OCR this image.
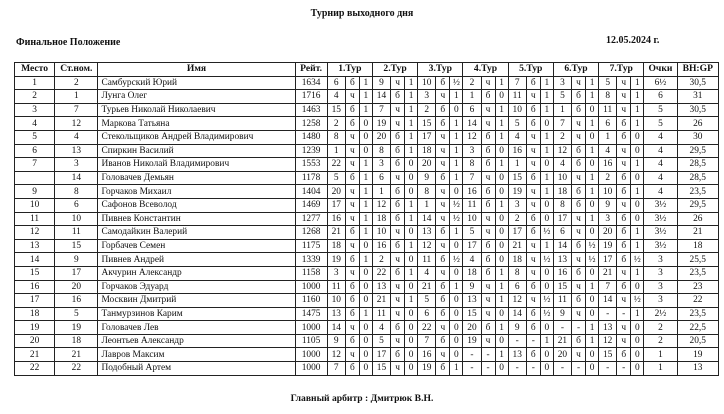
Турнир выходного дня
Финальное Положение	12.05.2024 г.
Место	Ст.ном.	Имя	Рейт.	1.Тур			2.Тур			3.Тур			4.Тур			5.Тур			6.Тур			7.Тур			Очки	BH:GP
1	2	Самбурский Юрий	1634	6	б	1	9	ч	1	10	б	½	2	ч	1	7	б	1	3	ч	1	5	ч	1	6½	30,5
2	1	Лунга Олег	1716	4	ч	1	14	б	1	3	ч	1	1	б	0	11	ч	1	5	б	1	8	ч	1	6	31
3	7	Турьев Николай Николаевич	1463	15	б	1	7	ч	1	2	б	0	6	ч	1	10	б	1	1	б	0	11	ч	1	5	30,5
4	12	Маркова Татьяна	1258	2	б	0	19	ч	1	15	б	1	14	ч	1	5	б	0	7	ч	1	6	б	1	5	26
5	4	Стекольщиков Андрей Владимирович	1480	8	ч	0	20	б	1	17	ч	1	12	б	1	4	ч	1	2	ч	0	1	б	0	4	30
6	13	Спиркин Василий	1239	1	ч	0	8	б	1	18	ч	1	3	б	0	16	ч	1	12	б	1	4	ч	0	4	29,5
7	3	Иванов Николай Владимирович	1553	22	ч	1	3	б	0	20	ч	1	8	б	1	1	ч	0	4	б	0	16	ч	1	4	28,5
	14	Головачев Демьян	1178	5	б	1	6	ч	0	9	б	1	7	ч	0	15	б	1	10	ч	1	2	б	0	4	28,5
9	8	Горчаков Михаил	1404	20	ч	1	1	б	0	8	ч	0	16	б	0	19	ч	1	18	б	1	10	б	1	4	23,5
10	6	Сафонов Всеволод	1469	17	ч	1	12	б	1	1	ч	½	11	б	1	3	ч	0	8	б	0	9	ч	0	3½	29,5
11	10	Пивнев Константин	1277	16	ч	1	18	б	1	14	ч	½	10	ч	0	2	б	0	17	ч	1	3	б	0	3½	26
12	11	Самодайкин Валерий	1268	21	б	1	10	ч	0	13	б	1	5	ч	0	17	б	½	6	ч	0	20	б	1	3½	21
13	15	Горбачев Семен	1175	18	ч	0	16	б	1	12	ч	0	17	б	0	21	ч	1	14	б	½	19	б	1	3½	18
14	9	Пивнев Андрей	1339	19	б	1	2	ч	0	11	б	½	4	б	0	18	ч	½	13	ч	½	17	б	½	3	25,5
15	17	Акчурин Александр	1158	3	ч	0	22	б	1	4	ч	0	18	б	1	8	ч	0	16	б	0	21	ч	1	3	23,5
16	20	Горчаков Эдуард	1000	11	б	0	13	ч	0	21	б	1	9	ч	1	6	б	0	15	ч	1	7	б	0	3	23
17	16	Москвин Дмитрий	1160	10	б	0	21	ч	1	5	б	0	13	ч	1	12	ч	½	11	б	0	14	ч	½	3	22
18	5	Танмурзинов Карим	1475	13	б	1	11	ч	0	6	б	0	15	ч	0	14	б	½	9	ч	0	-	-	1	2½	23,5
19	19	Головачев Лев	1000	14	ч	0	4	б	0	22	ч	0	20	б	1	9	б	0	-	-	1	13	ч	0	2	22,5
20	18	Леонтьев Александр	1105	9	б	0	5	ч	0	7	б	0	19	ч	0	-	-	1	21	б	1	12	ч	0	2	20,5
21	21	Лавров Максим	1000	12	ч	0	17	б	0	16	ч	0	-	-	1	13	б	0	20	ч	0	15	б	0	1	19
22	22	Подобный Артем	1000	7	б	0	15	ч	0	19	б	1	-	-	0	-	-	0	-	-	0	-	-	0	1	13
Главный арбитр : Дмитрюк В.Н.
